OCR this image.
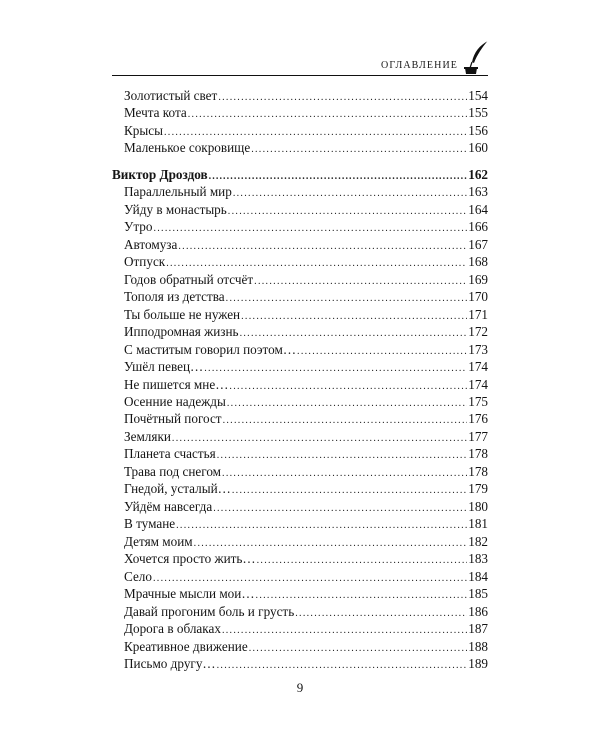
ОГЛАВЛЕНИЕ
Золотистый свет .....	154
Мечта кота .....	155
Крысы .....	156
Маленькое сокровище .....	160
Виктор Дроздов .....	162
Параллельный мир .....	163
Уйду в монастырь .....	164
Утро .....	166
Автомуза .....	167
Отпуск .....	168
Годов обратный отсчёт .....	169
Тополя из детства .....	170
Ты больше не нужен .....	171
Ипподромная жизнь .....	172
С маститым говорил поэтом… .....	173
Ушёл певец… .....	174
Не пишется мне… .....	174
Осенние надежды .....	175
Почётный погост .....	176
Земляки .....	177
Планета счастья .....	178
Трава под снегом .....	178
Гнедой, усталый… .....	179
Уйдём навсегда .....	180
В тумане .....	181
Детям моим .....	182
Хочется просто жить… .....	183
Село .....	184
Мрачные мысли мои… .....	185
Давай прогоним боль и грусть .....	186
Дорога в облаках .....	187
Креативное движение .....	188
Письмо другу… .....	189
9
